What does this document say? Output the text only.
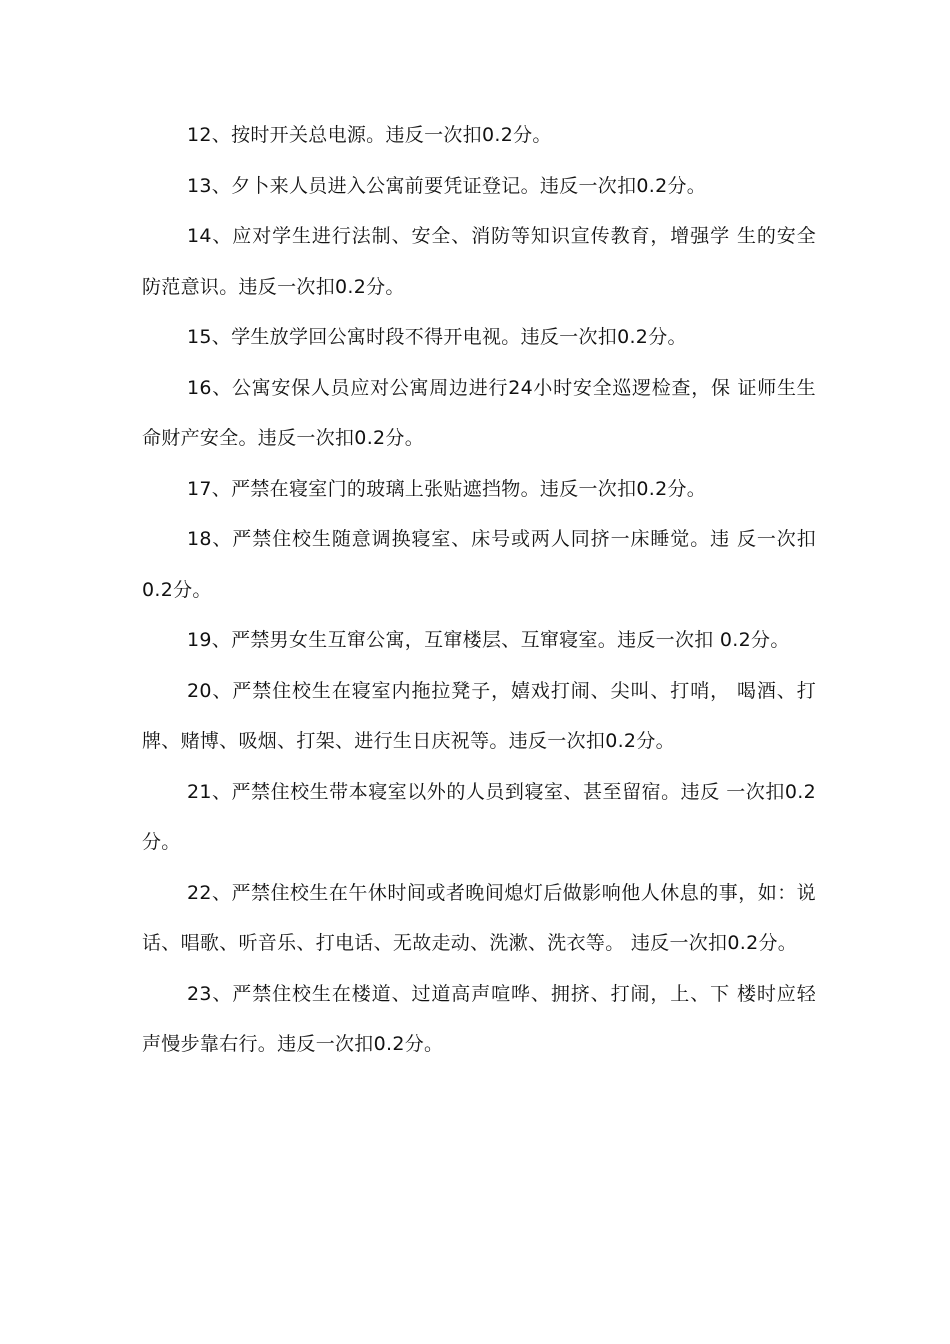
12、按时开关总电源。违反一次扣0.2分。

13、夕卜来人员进入公寓前要凭证登记。违反一次扣0.2分。

14、应对学生进行法制、安全、消防等知识宣传教育，增强学 生的安全防范意识。违反一次扣0.2分。

15、学生放学回公寓时段不得开电视。违反一次扣0.2分。

16、公寓安保人员应对公寓周边进行24小时安全巡逻检查，保 证师生生命财产安全。违反一次扣0.2分。

17、严禁在寝室门的玻璃上张贴遮挡物。违反一次扣0.2分。

18、严禁住校生随意调换寝室、床号或两人同挤一床睡觉。违 反一次扣0.2分。

19、严禁男女生互窜公寓，互窜楼层、互窜寝室。违反一次扣 0.2分。

20、严禁住校生在寝室内拖拉凳子，嬉戏打闹、尖叫、打哨， 喝酒、打牌、赌博、吸烟、打架、进行生日庆祝等。违反一次扣0.2分。

21、严禁住校生带本寝室以外的人员到寝室、甚至留宿。违反 一次扣0.2分。

22、严禁住校生在午休时间或者晚间熄灯后做影响他人休息的事，如：说话、唱歌、听音乐、打电话、无故走动、洗漱、洗衣等。 违反一次扣0.2分。

23、严禁住校生在楼道、过道高声喧哗、拥挤、打闹，上、下 楼时应轻声慢步靠右行。违反一次扣0.2分。
